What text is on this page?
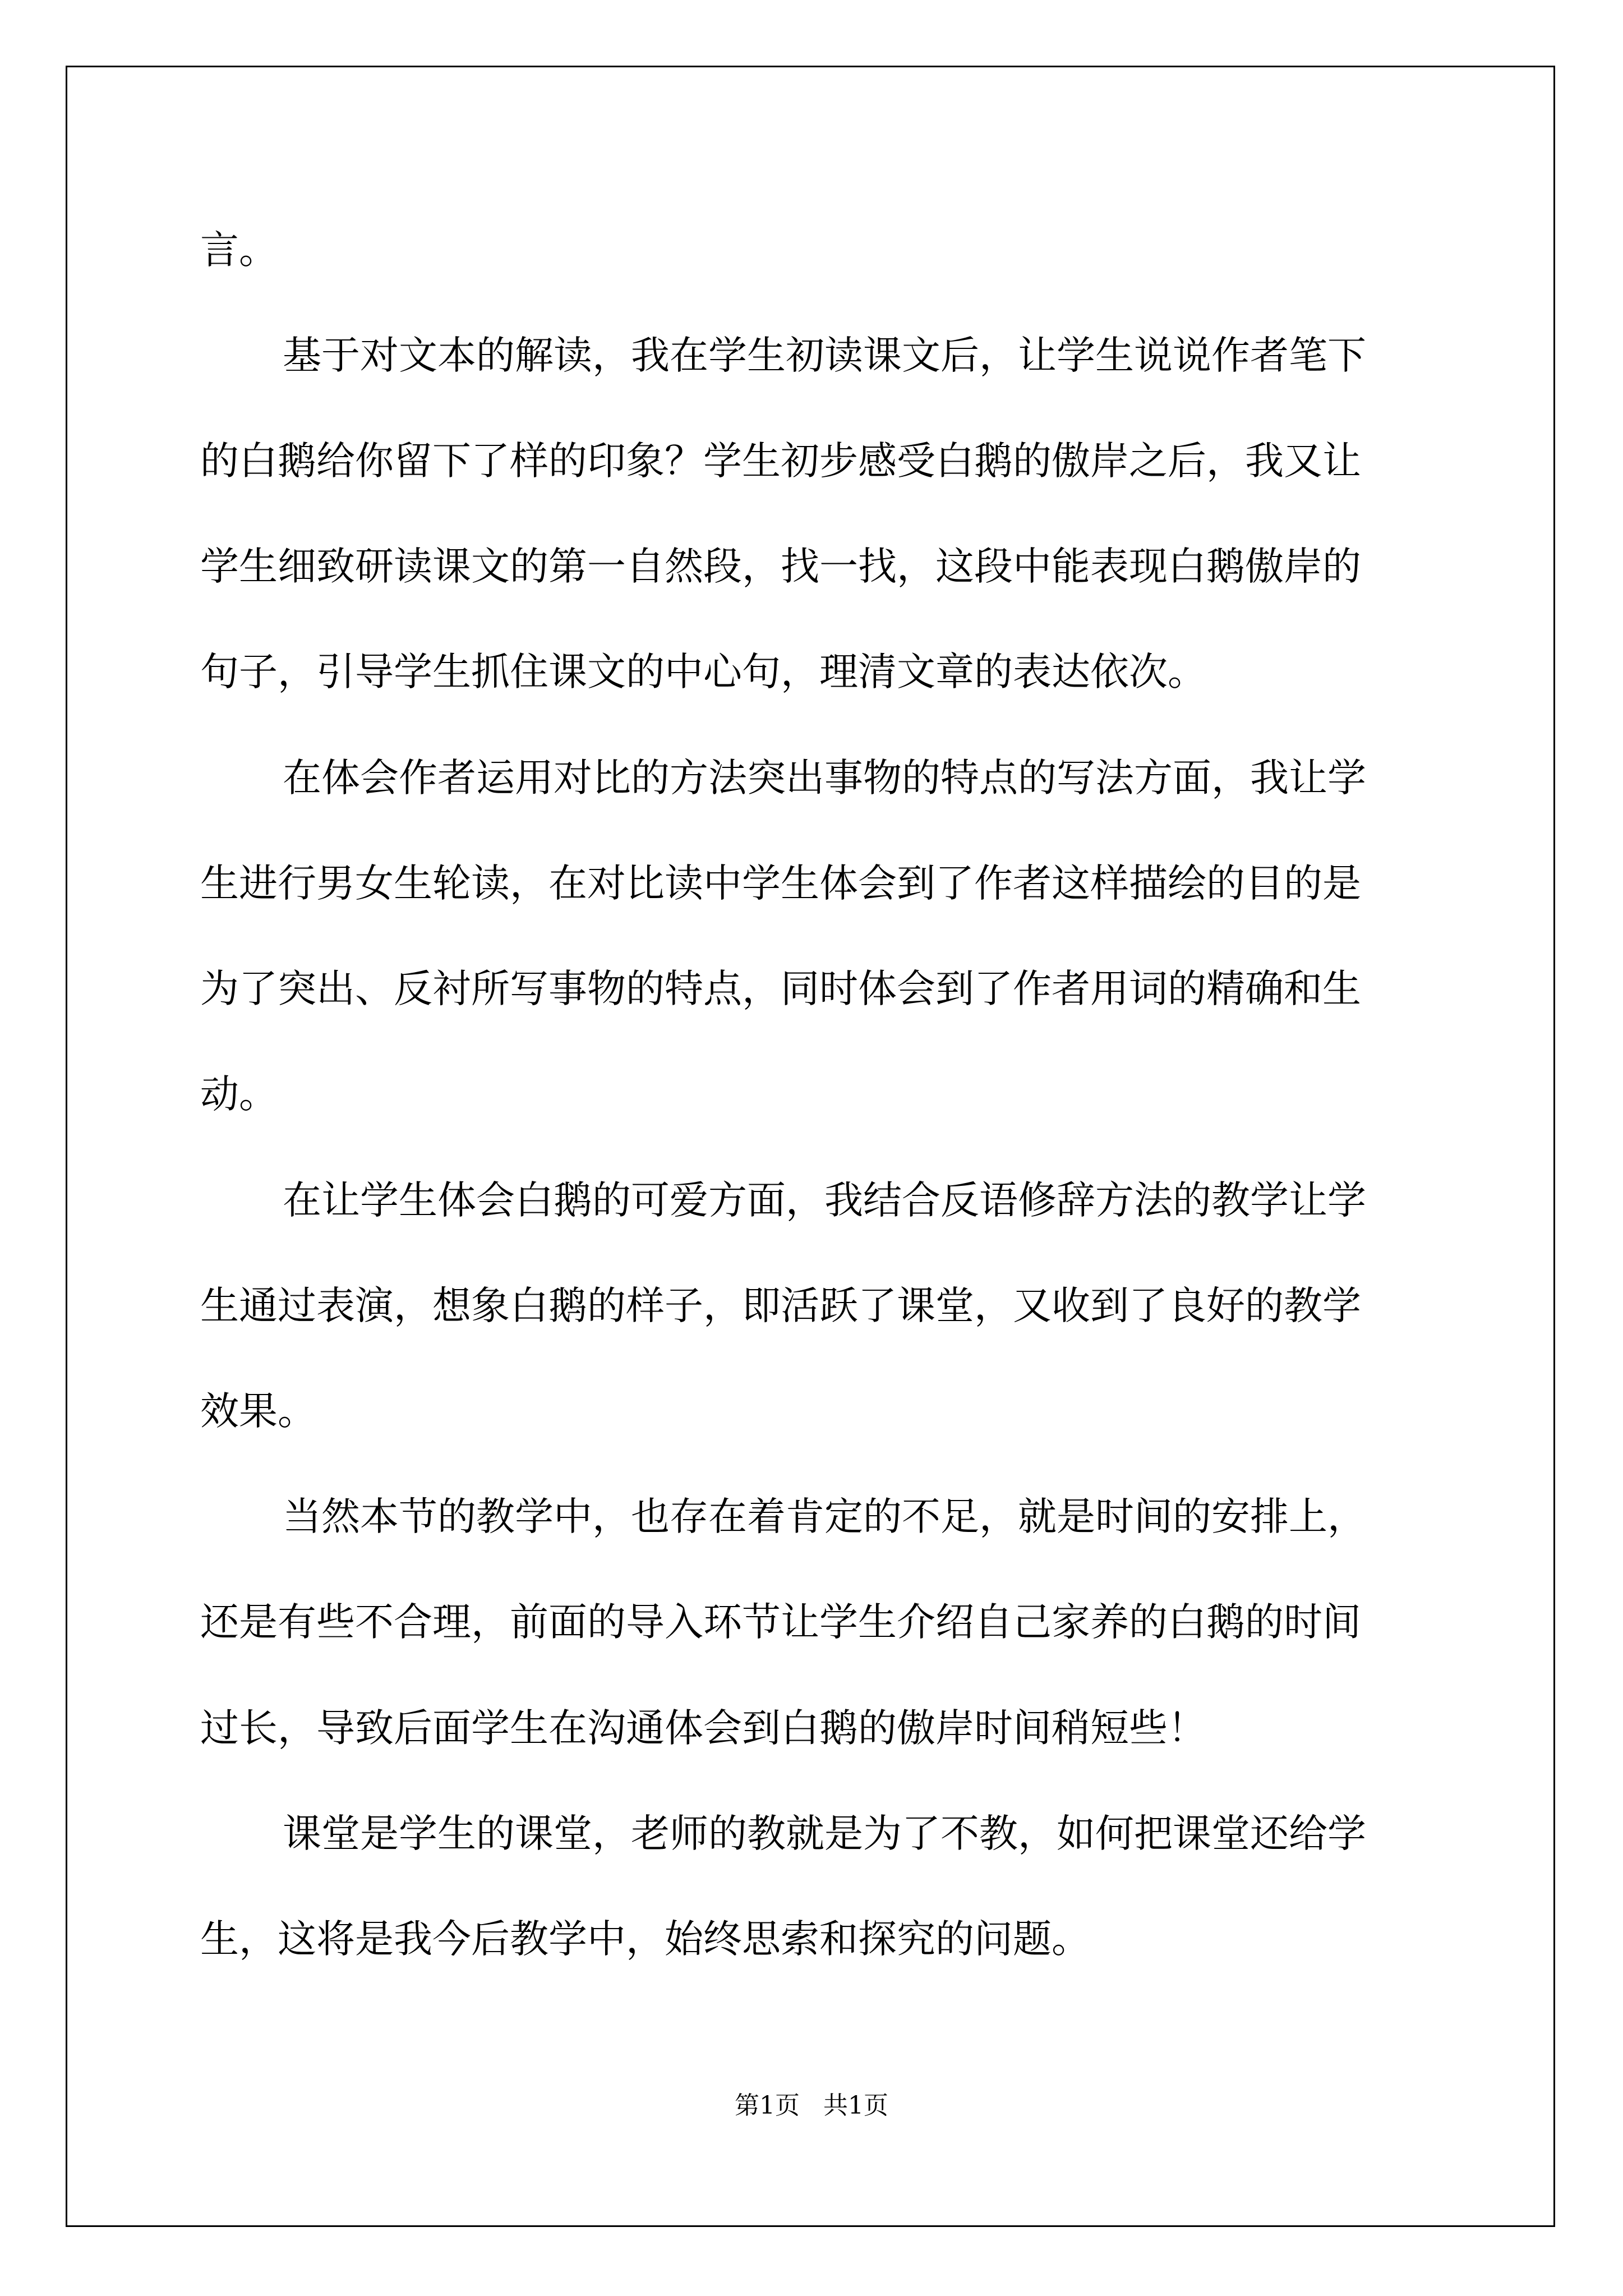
言。

基于对文本的解读，我在学生初读课文后，让学生说说作者笔下

的白鹅给你留下了样的印象？学生初步感受白鹅的傲岸之后，我又让

学生细致研读课文的第一自然段，找一找，这段中能表现白鹅傲岸的

句子，引导学生抓住课文的中心句，理清文章的表达依次。

在体会作者运用对比的方法突出事物的特点的写法方面，我让学

生进行男女生轮读，在对比读中学生体会到了作者这样描绘的目的是

为了突出、反衬所写事物的特点，同时体会到了作者用词的精确和生

动。

在让学生体会白鹅的可爱方面，我结合反语修辞方法的教学让学

生通过表演，想象白鹅的样子，即活跃了课堂，又收到了良好的教学

效果。

当然本节的教学中，也存在着肯定的不足，就是时间的安排上，

还是有些不合理，前面的导入环节让学生介绍自己家养的白鹅的时间

过长，导致后面学生在沟通体会到白鹅的傲岸时间稍短些！

课堂是学生的课堂，老师的教就是为了不教，如何把课堂还给学

生，这将是我今后教学中，始终思索和探究的问题。

第1页   共1页
